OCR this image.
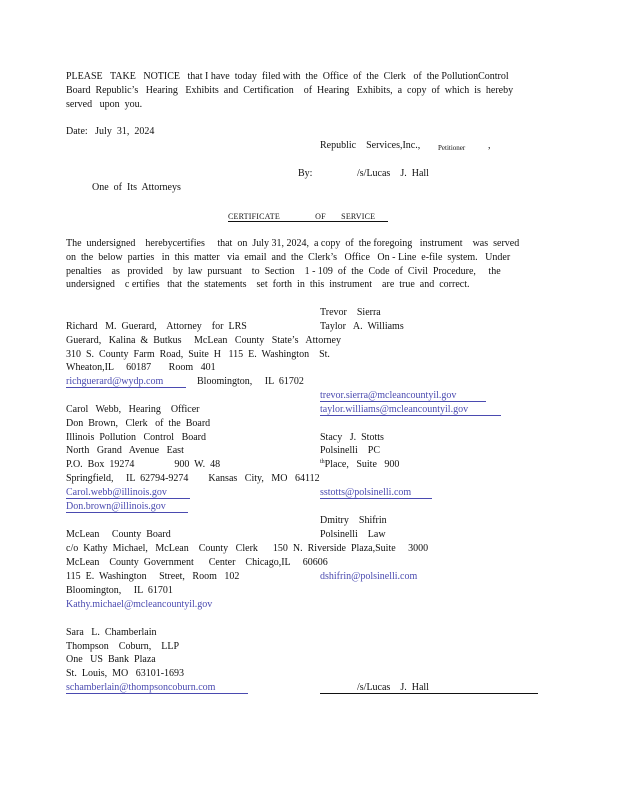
PLEASE   TAKE   NOTICE   that I have  today  filed with  the  Office  of  the  Clerk   of  the PollutionControl
Board  Republic’s   Hearing   Exhibits  and  Certification    of  Hearing   Exhibits,  a  copy  of  which  is  hereby
served   upon  you.
Date:   July  31,  2024
Republic    Services,Inc.,	Petitioner ,
By:	/s/Lucas    J.  Hall
One  of  Its  Attorneys
CERTIFICATE                OF       SERVICE
The  undersigned    herebycertifies     that  on  July 31, 2024,  a copy  of  the foregoing   instrument    was  served
on  the  below  parties   in  this  matter   via  email  and  the  Clerk’s   Office   On - Line  e-file  system.   Under
penalties    as   provided    by  law  pursuant    to  Section    1 - 109  of  the  Code  of  Civil  Procedure,     the
undersigned    c ertifies   that  the  statements    set  forth  in  this  instrument    are  true  and  correct.
Trevor    Sierra
Richard   M.  Guerard,    Attorney    for  LRS	Taylor   A.  Williams
Guerard,   Kalina  &  Butkus     McLean   County   State’s   Attorney
310  S.  County  Farm  Road,  Suite  H   115  E.  Washington    St.
Wheaton,IL     60187       Room   401
richguerard@wydp.com	Bloomington,     IL  61702
trevor.sierra@mcleancountyil.gov
Carol   Webb,   Hearing    Officer	taylor.williams@mcleancountyil.gov
Don  Brown,   Clerk   of  the  Board
Illinois  Pollution   Control   Board	Stacy   J.  Stotts
North   Grand   Avenue   East	Polsinelli    PC
P.O.  Box  19274                900  W.  48	$^{th}$Place,   Suite   900
Springfield,     IL  62794-9274        Kansas   City,   MO   64112
Carol.webb@illinois.gov	sstotts@polsinelli.com
Don.brown@illinois.gov
Dmitry    Shifrin
McLean     County  Board	Polsinelli    Law
c/o  Kathy  Michael,   McLean    County   Clerk      150  N.  Riverside  Plaza,Suite     3000
McLean    County  Government      Center    Chicago,IL     60606
115  E.  Washington     Street,   Room   102	dshifrin@polsinelli.com
Bloomington,     IL  61701
Kathy.michael@mcleancountyil.gov
Sara   L.  Chamberlain
Thompson    Coburn,    LLP
One   US  Bank  Plaza
St.  Louis,  MO   63101-1693
schamberlain@thompsoncoburn.com	/s/Lucas    J.  Hall
